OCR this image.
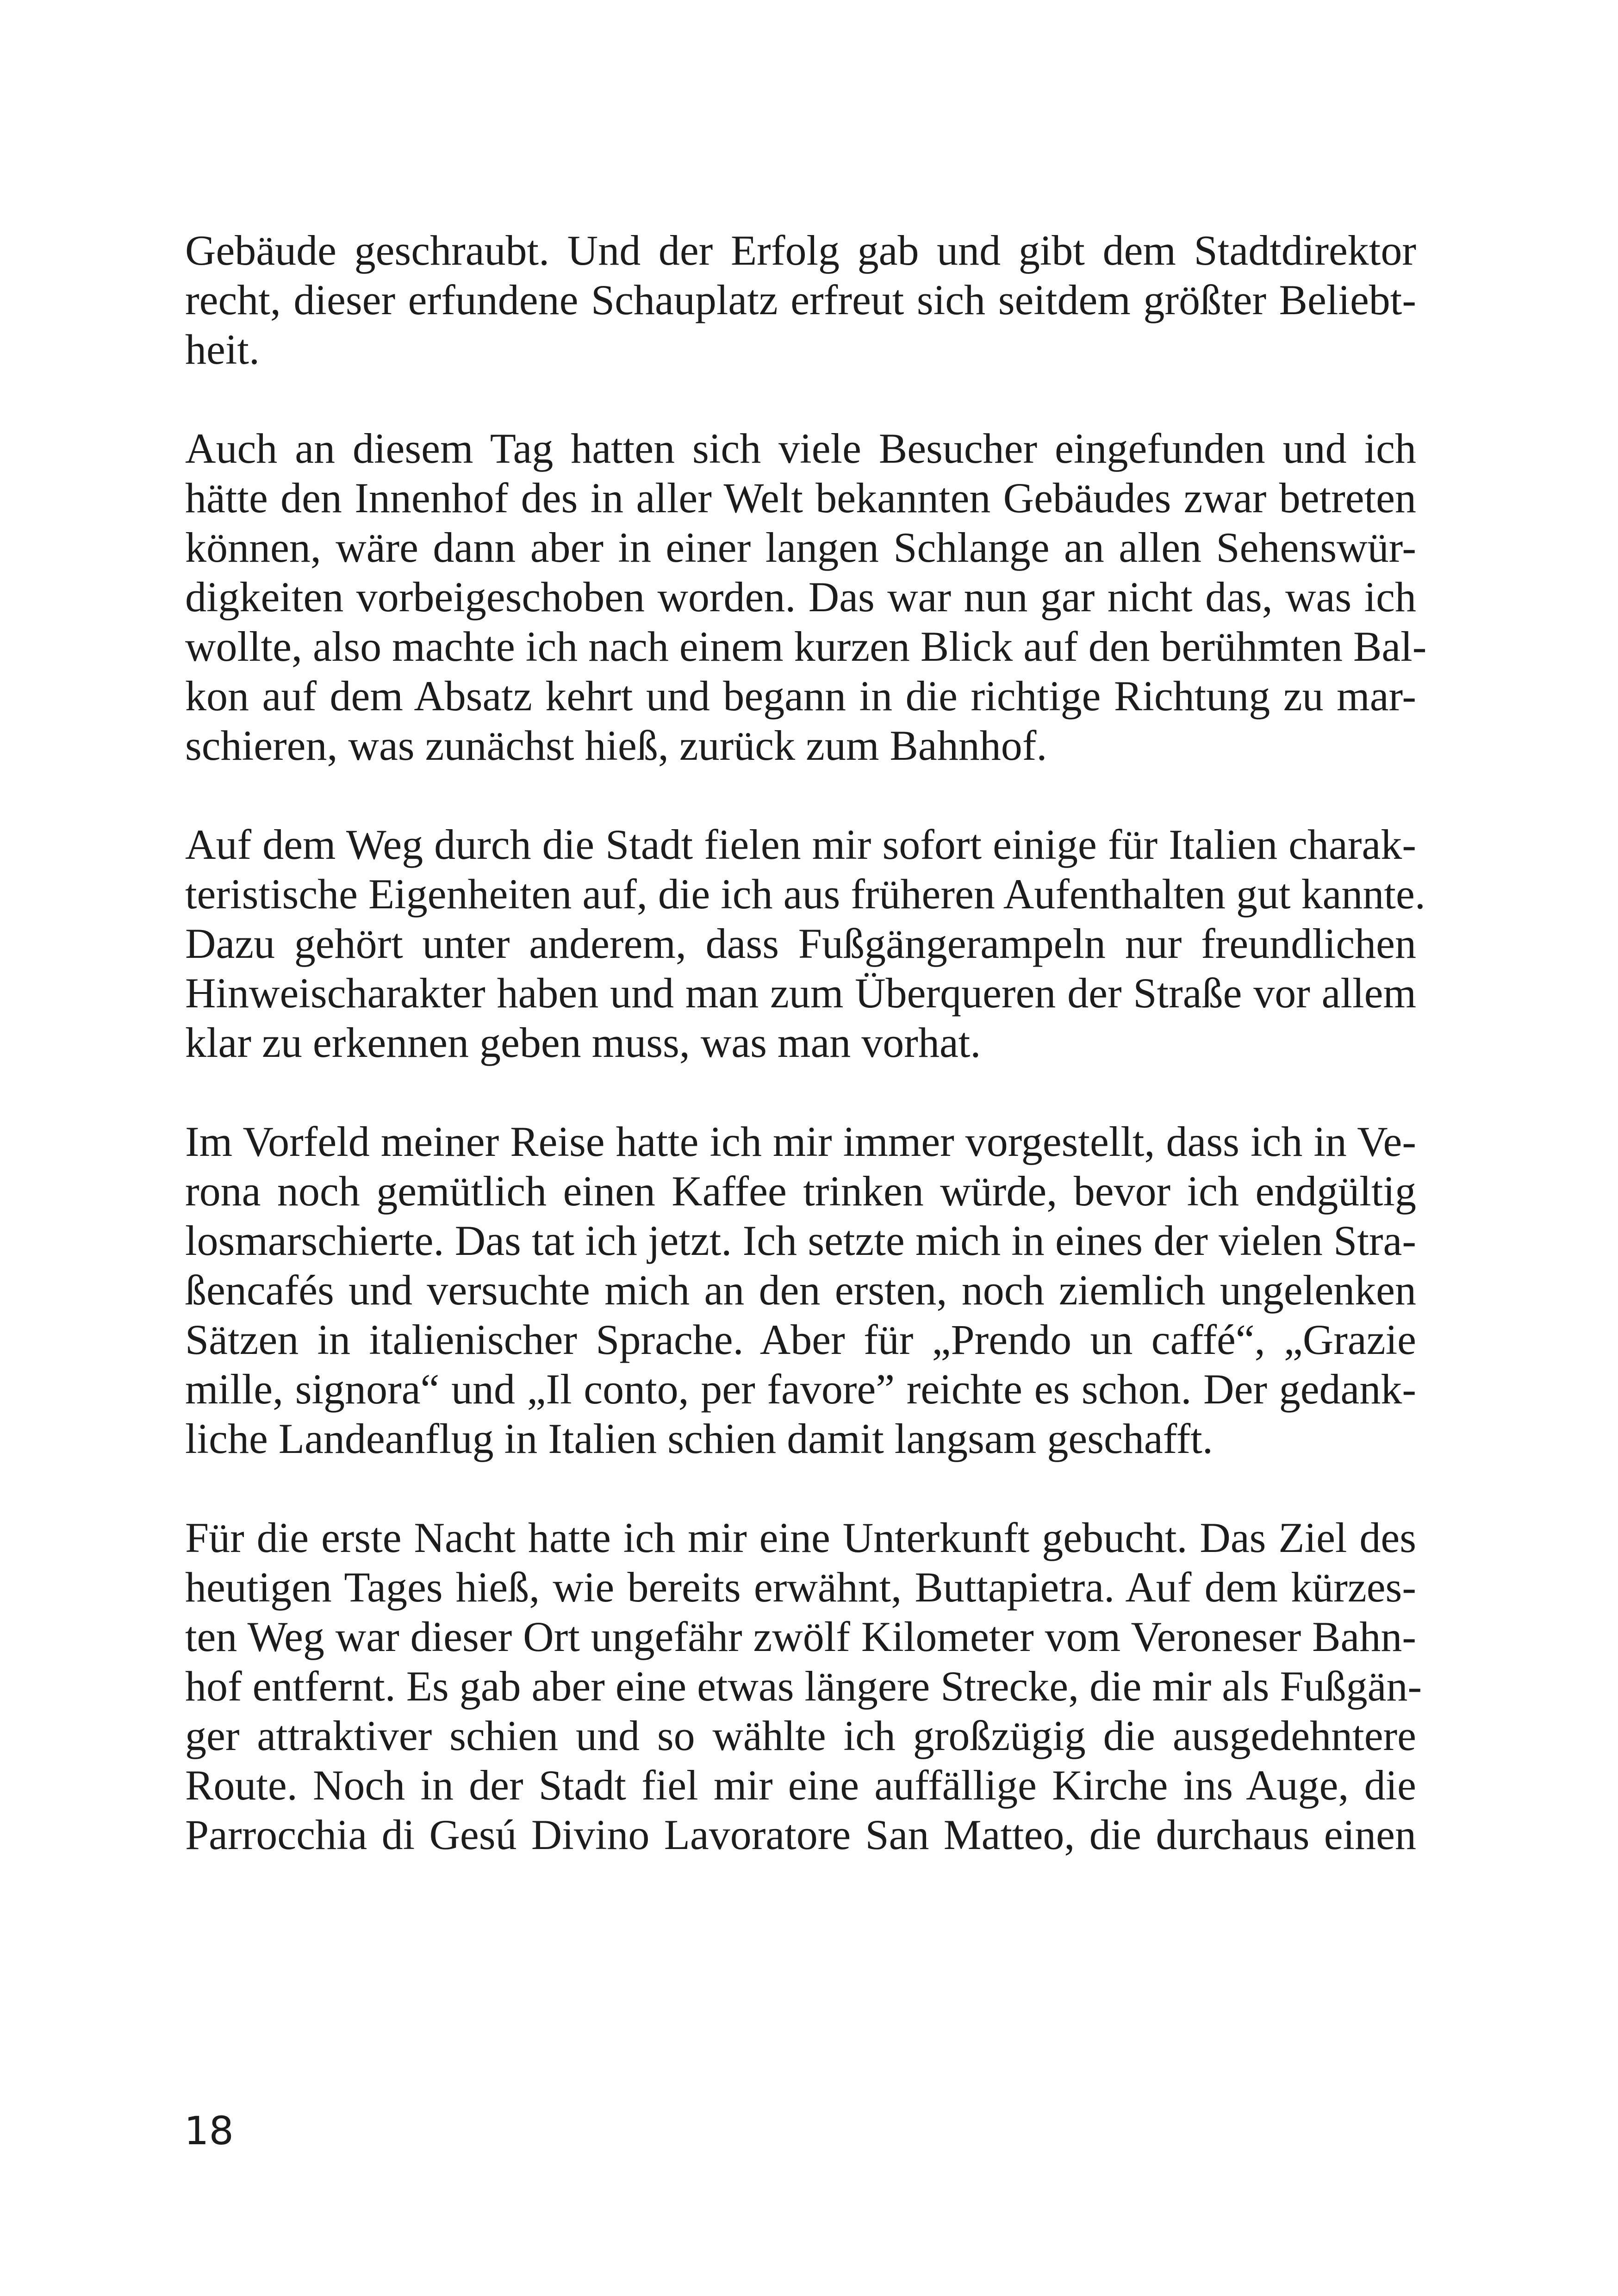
Gebäude geschraubt. Und der Erfolg gab und gibt dem Stadtdirektor
recht, dieser erfundene Schauplatz erfreut sich seitdem größter Beliebt-
heit.
Auch an diesem Tag hatten sich viele Besucher eingefunden und ich
hätte den Innenhof des in aller Welt bekannten Gebäudes zwar betreten
können, wäre dann aber in einer langen Schlange an allen Sehenswür-
digkeiten vorbeigeschoben worden. Das war nun gar nicht das, was ich
wollte, also machte ich nach einem kurzen Blick auf den berühmten Bal-
kon auf dem Absatz kehrt und begann in die richtige Richtung zu mar-
schieren, was zunächst hieß, zurück zum Bahnhof.
Auf dem Weg durch die Stadt fielen mir sofort einige für Italien charak-
teristische Eigenheiten auf, die ich aus früheren Aufenthalten gut kannte.
Dazu gehört unter anderem, dass Fußgängerampeln nur freundlichen
Hinweischarakter haben und man zum Überqueren der Straße vor allem
klar zu erkennen geben muss, was man vorhat.
Im Vorfeld meiner Reise hatte ich mir immer vorgestellt, dass ich in Ve-
rona noch gemütlich einen Kaffee trinken würde, bevor ich endgültig
losmarschierte. Das tat ich jetzt. Ich setzte mich in eines der vielen Stra-
ßencafés und versuchte mich an den ersten, noch ziemlich ungelenken
Sätzen in italienischer Sprache. Aber für „Prendo un caffé“, „Grazie
mille, signora“ und „Il conto, per favore” reichte es schon. Der gedank-
liche Landeanflug in Italien schien damit langsam geschafft.
Für die erste Nacht hatte ich mir eine Unterkunft gebucht. Das Ziel des
heutigen Tages hieß, wie bereits erwähnt, Buttapietra. Auf dem kürzes-
ten Weg war dieser Ort ungefähr zwölf Kilometer vom Veroneser Bahn-
hof entfernt. Es gab aber eine etwas längere Strecke, die mir als Fußgän-
ger attraktiver schien und so wählte ich großzügig die ausgedehntere
Route. Noch in der Stadt fiel mir eine auffällige Kirche ins Auge, die
Parrocchia di Gesú Divino Lavoratore San Matteo, die durchaus einen
18
